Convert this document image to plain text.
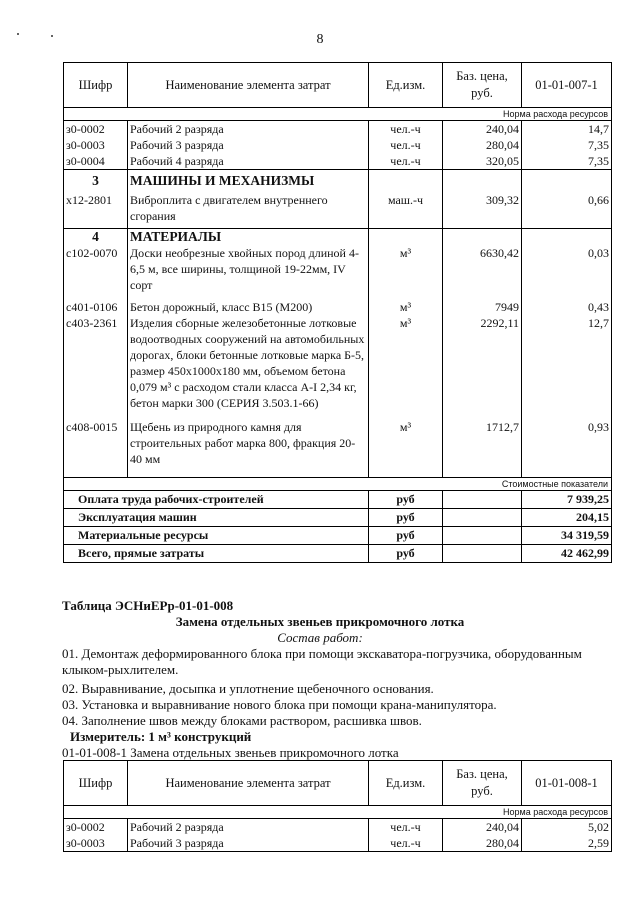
8
Шифр	Наименование элемента затрат	Ед.изм.	Баз. цена, руб.	01-01-007-1
Норма расхода ресурсов				
з0-0002	Рабочий 2 разряда	чел.-ч	240,04	14,7
з0-0003	Рабочий 3 разряда	чел.-ч	280,04	7,35
з0-0004	Рабочий 4 разряда	чел.-ч	320,05	7,35
3	МАШИНЫ И МЕХАНИЗМЫ			
х12-2801	Виброплита с двигателем внутреннего сгорания	маш.-ч	309,32	0,66
4	МАТЕРИАЛЫ			
с102-0070	Доски необрезные хвойных пород длиной 4-6,5 м, все ширины, толщиной 19-22мм, IV сорт	м³	6630,42	0,03
с401-0106	Бетон дорожный, класс В15 (М200)	м³	7949	0,43
с403-2361	Изделия сборные железобетонные лотковые водоотводных сооружений на автомобильных дорогах, блоки бетонные лотковые марка Б-5, размер 450х1000х180 мм, объемом бетона 0,079 м³ с расходом стали класса А-I 2,34 кг, бетон марки 300 (СЕРИЯ 3.503.1-66)	м³	2292,11	12,7
с408-0015	Щебень из природного камня для строительных работ марка 800, фракция 20-40 мм	м³	1712,7	0,93
Стоимостные показатели				
Оплата труда рабочих-строителей		руб		7 939,25
Эксплуатация машин		руб		204,15
Материальные ресурсы		руб		34 319,59
Всего, прямые затраты		руб		42 462,99
Таблица ЭСНиЕРр-01-01-008
Замена отдельных звеньев прикромочного лотка
Состав работ:
01. Демонтаж деформированного блока при помощи экскаватора-погрузчика, оборудованным клыком-рыхлителем.
02. Выравнивание, досыпка и уплотнение щебеночного основания.
03. Установка и выравнивание нового блока при помощи крана-манипулятора.
04. Заполнение швов между блоками раствором, расшивка швов.
Измеритель: 1 м³ конструкций
01-01-008-1 Замена отдельных звеньев прикромочного лотка
Шифр	Наименование элемента затрат	Ед.изм.	Баз. цена, руб.	01-01-008-1
Норма расхода ресурсов				
з0-0002	Рабочий 2 разряда	чел.-ч	240,04	5,02
з0-0003	Рабочий 3 разряда	чел.-ч	280,04	2,59
